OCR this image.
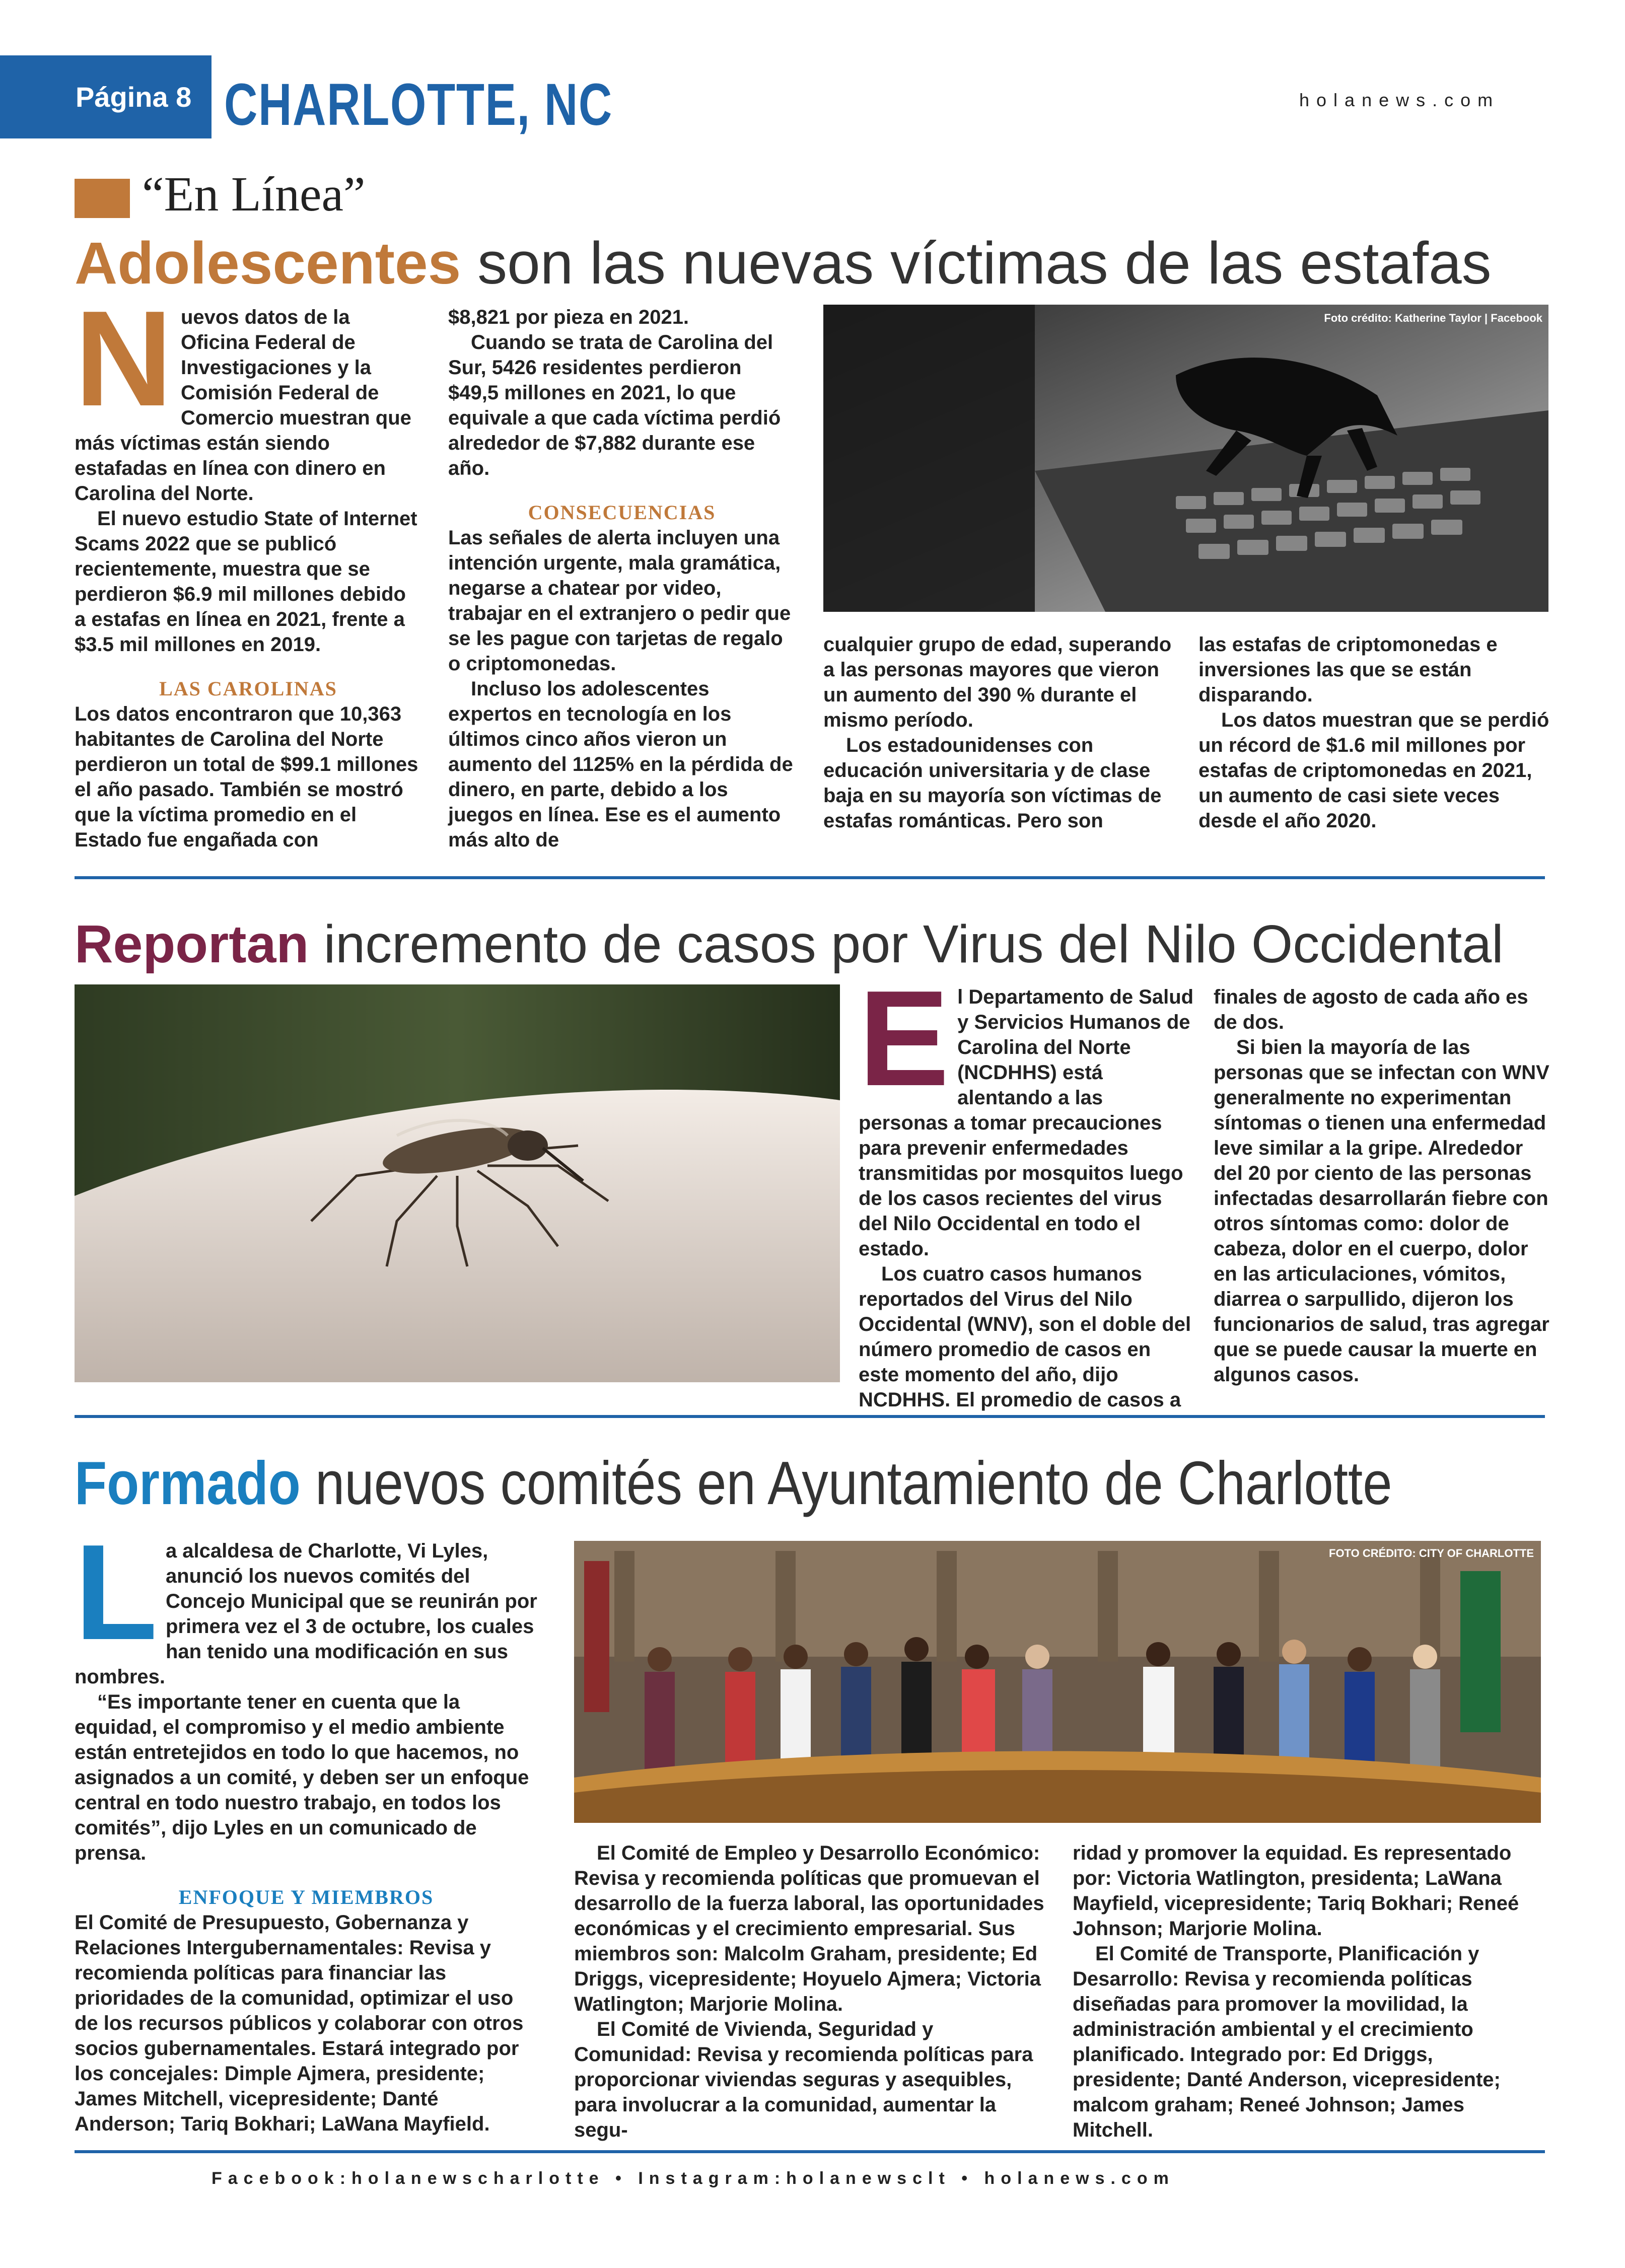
Página 8 CHARLOTTE, NC	holanews.com
“En Línea”
Adolescentes son las nuevas víctimas de las estafas
N uevos datos de la Oficina Federal de Investigaciones y la Comisión Federal de Comercio muestran que más víctimas están siendo estafadas en línea con dinero en Carolina del Norte.

El nuevo estudio State of Internet Scams 2022 que se publicó recientemente, muestra que se perdieron $6.9 mil millones debido a estafas en línea en 2021, frente a $3.5 mil millones en 2019.

LAS CAROLINAS

Los datos encontraron que 10,363 habitantes de Carolina del Norte perdieron un total de $99.1 millones el año pasado. También se mostró que la víctima promedio en el Estado fue engañada con

$8,821 por pieza en 2021.

Cuando se trata de Carolina del Sur, 5426 residentes perdieron $49,5 millones en 2021, lo que equivale a que cada víctima perdió alrededor de $7,882 durante ese año.

CONSECUENCIAS

Las señales de alerta incluyen una intención urgente, mala gramática, negarse a chatear por video, trabajar en el extranjero o pedir que se les pague con tarjetas de regalo o criptomonedas.

Incluso los adolescentes expertos en tecnología en los últimos cinco años vieron un aumento del 1125% en la pérdida de dinero, en parte, debido a los juegos en línea. Ese es el aumento más alto de

Foto crédito: Katherine Taylor | Facebook

cualquier grupo de edad, superando a las personas mayores que vieron un aumento del 390 % durante el mismo período.

Los estadounidenses con educación universitaria y de clase baja en su mayoría son víctimas de estafas románticas. Pero son

las estafas de criptomonedas e inversiones las que se están disparando.

Los datos muestran que se perdió un récord de $1.6 mil millones por estafas de criptomonedas en 2021, un aumento de casi siete veces desde el año 2020.

Reportan incremento de casos por Virus del Nilo Occidental
E l Departamento de Salud y Servicios Humanos de Carolina del Norte (NCDHHS) está alentando a las personas a tomar precauciones para prevenir enfermedades transmitidas por mosquitos luego de los casos recientes del virus del Nilo Occidental en todo el estado.

Los cuatro casos humanos reportados del Virus del Nilo Occidental (WNV), son el doble del número promedio de casos en este momento del año, dijo NCDHHS. El promedio de casos a

finales de agosto de cada año es de dos.

Si bien la mayoría de las personas que se infectan con WNV generalmente no experimentan síntomas o tienen una enfermedad leve similar a la gripe. Alrededor del 20 por ciento de las personas infectadas desarrollarán fiebre con otros síntomas como: dolor de cabeza, dolor en el cuerpo, dolor en las articulaciones, vómitos, diarrea o sarpullido, dijeron los funcionarios de salud, tras agregar que se puede causar la muerte en algunos casos.

Formado nuevos comités en Ayuntamiento de Charlotte
L a alcaldesa de Charlotte, Vi Lyles, anunció los nuevos comités del Concejo Municipal que se reunirán por primera vez el 3 de octubre, los cuales han tenido una modificación en sus nombres.

“Es importante tener en cuenta que la equidad, el compromiso y el medio ambiente están entretejidos en todo lo que hacemos, no asignados a un comité, y deben ser un enfoque central en todo nuestro trabajo, en todos los comités”, dijo Lyles en un comunicado de prensa.

ENFOQUE Y MIEMBROS

El Comité de Presupuesto, Gobernanza y Relaciones Intergubernamentales: Revisa y recomienda políticas para financiar las prioridades de la comunidad, optimizar el uso de los recursos públicos y colaborar con otros socios gubernamentales. Estará integrado por los concejales: Dimple Ajmera, presidente; James Mitchell, vicepresidente; Danté Anderson; Tariq Bokhari; LaWana Mayfield.

FOTO CRÉDITO: CITY OF CHARLOTTE

El Comité de Empleo y Desarrollo Económico: Revisa y recomienda políticas que promuevan el desarrollo de la fuerza laboral, las oportunidades económicas y el crecimiento empresarial. Sus miembros son: Malcolm Graham, presidente; Ed Driggs, vicepresidente; Hoyuelo Ajmera; Victoria Watlington; Marjorie Molina.

El Comité de Vivienda, Seguridad y Comunidad: Revisa y recomienda políticas para proporcionar viviendas seguras y asequibles, para involucrar a la comunidad, aumentar la segu-

ridad y promover la equidad. Es representado por: Victoria Watlington, presidenta; LaWana Mayfield, vicepresidente; Tariq Bokhari; Reneé Johnson; Marjorie Molina.

El Comité de Transporte, Planificación y Desarrollo: Revisa y recomienda políticas diseñadas para promover la movilidad, la administración ambiental y el crecimiento planificado. Integrado por: Ed Driggs, presidente; Danté Anderson, vicepresidente; malcom graham; Reneé Johnson; James Mitchell.

Facebook:holanewscharlotte • Instagram:holanewsclt • holanews.com
